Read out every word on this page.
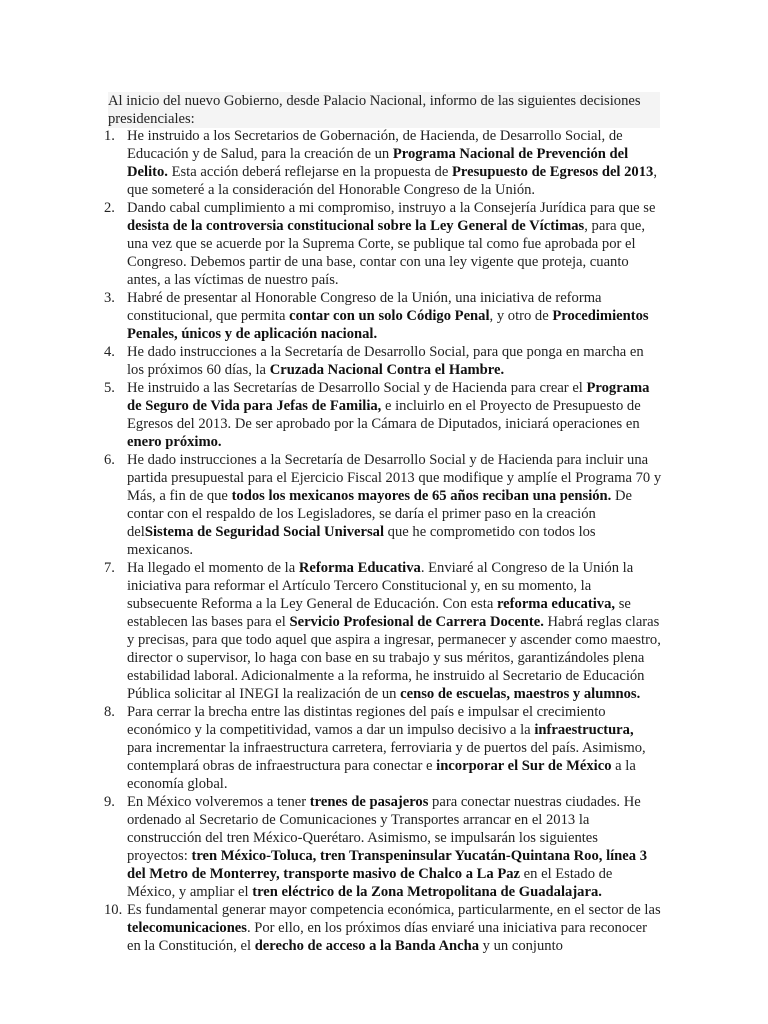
Al inicio del nuevo Gobierno, desde Palacio Nacional, informo de las siguientes decisiones presidenciales:

1. He instruido a los Secretarios de Gobernación, de Hacienda, de Desarrollo Social, de Educación y de Salud, para la creación de un Programa Nacional de Prevención del Delito. Esta acción deberá reflejarse en la propuesta de Presupuesto de Egresos del 2013, que someteré a la consideración del Honorable Congreso de la Unión.
2. Dando cabal cumplimiento a mi compromiso, instruyo a la Consejería Jurídica para que se desista de la controversia constitucional sobre la Ley General de Víctimas, para que, una vez que se acuerde por la Suprema Corte, se publique tal como fue aprobada por el Congreso. Debemos partir de una base, contar con una ley vigente que proteja, cuanto antes, a las víctimas de nuestro país.
3. Habré de presentar al Honorable Congreso de la Unión, una iniciativa de reforma constitucional, que permita contar con un solo Código Penal, y otro de Procedimientos Penales, únicos y de aplicación nacional.
4. He dado instrucciones a la Secretaría de Desarrollo Social, para que ponga en marcha en los próximos 60 días, la Cruzada Nacional Contra el Hambre.
5. He instruido a las Secretarías de Desarrollo Social y de Hacienda para crear el Programa de Seguro de Vida para Jefas de Familia, e incluirlo en el Proyecto de Presupuesto de Egresos del 2013. De ser aprobado por la Cámara de Diputados, iniciará operaciones en enero próximo.
6. He dado instrucciones a la Secretaría de Desarrollo Social y de Hacienda para incluir una partida presupuestal para el Ejercicio Fiscal 2013 que modifique y amplíe el Programa 70 y Más, a fin de que todos los mexicanos mayores de 65 años reciban una pensión. De contar con el respaldo de los Legisladores, se daría el primer paso en la creación delSistema de Seguridad Social Universal que he comprometido con todos los mexicanos.
7. Ha llegado el momento de la Reforma Educativa. Enviaré al Congreso de la Unión la iniciativa para reformar el Artículo Tercero Constitucional y, en su momento, la subsecuente Reforma a la Ley General de Educación. Con esta reforma educativa, se establecen las bases para el Servicio Profesional de Carrera Docente. Habrá reglas claras y precisas, para que todo aquel que aspira a ingresar, permanecer y ascender como maestro, director o supervisor, lo haga con base en su trabajo y sus méritos, garantizándoles plena estabilidad laboral. Adicionalmente a la reforma, he instruido al Secretario de Educación Pública solicitar al INEGI la realización de un censo de escuelas, maestros y alumnos.
8. Para cerrar la brecha entre las distintas regiones del país e impulsar el crecimiento económico y la competitividad, vamos a dar un impulso decisivo a la infraestructura, para incrementar la infraestructura carretera, ferroviaria y de puertos del país. Asimismo, contemplará obras de infraestructura para conectar e incorporar el Sur de México a la economía global.
9. En México volveremos a tener trenes de pasajeros para conectar nuestras ciudades. He ordenado al Secretario de Comunicaciones y Transportes arrancar en el 2013 la construcción del tren México-Querétaro. Asimismo, se impulsarán los siguientes proyectos: tren México-Toluca, tren Transpeninsular Yucatán-Quintana Roo, línea 3 del Metro de Monterrey, transporte masivo de Chalco a La Paz en el Estado de México, y ampliar el tren eléctrico de la Zona Metropolitana de Guadalajara.
10. Es fundamental generar mayor competencia económica, particularmente, en el sector de las telecomunicaciones. Por ello, en los próximos días enviaré una iniciativa para reconocer en la Constitución, el derecho de acceso a la Banda Ancha y un conjunto
